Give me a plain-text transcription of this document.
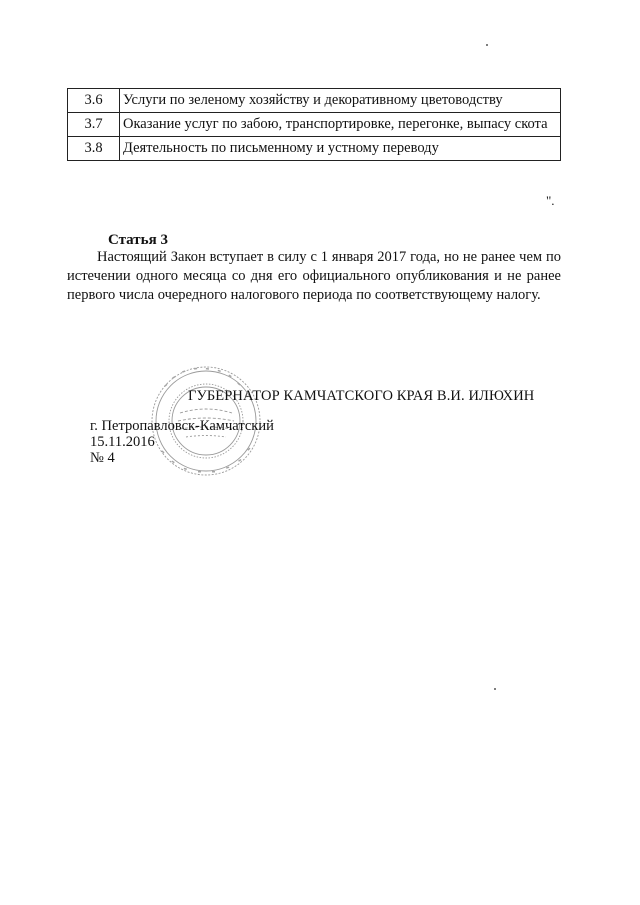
3.6	Услуги по зеленому хозяйству и декоративному цветоводству
3.7	Оказание услуг по забою, транспортировке, перегонке, выпасу скота
3.8	Деятельность по письменному и устному переводу
".
Статья 3

Настоящий Закон вступает в силу с 1 января 2017 года, но не ранее чем по истечении одного месяца со дня его официального опубликования и не ранее первого числа очередного налогового периода по соответствующему налогу.

ГУБЕРНАТОР КАМЧАТСКОГО КРАЯ В.И. ИЛЮХИН
г. Петропавловск-Камчатский
15.11.2016
№ 4
